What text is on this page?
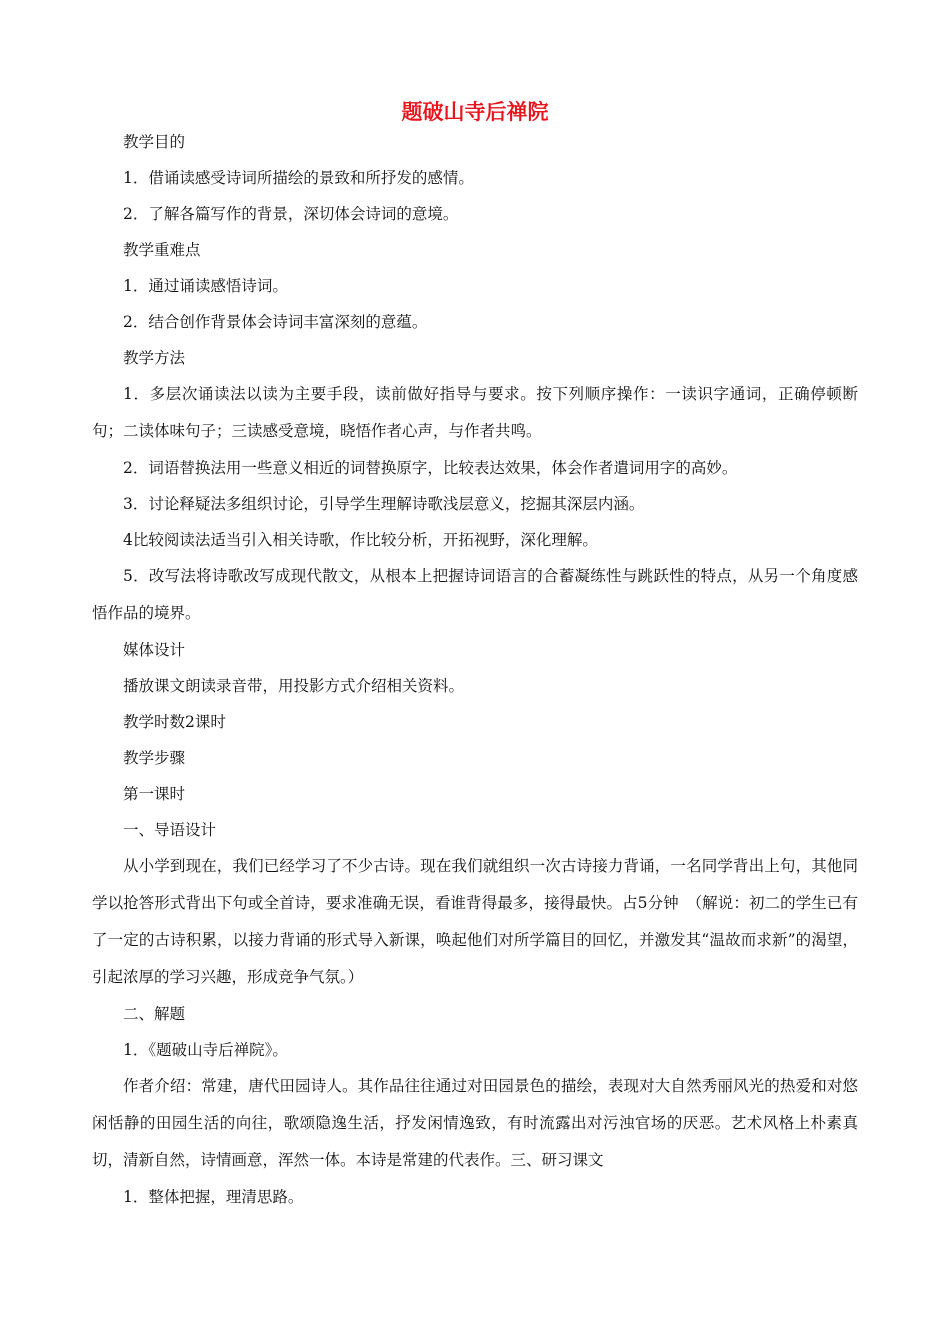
题破山寺后禅院

教学目的

1．借诵读感受诗词所描绘的景致和所抒发的感情。

2．了解各篇写作的背景，深切体会诗词的意境。

教学重难点

1．通过诵读感悟诗词。

2．结合创作背景体会诗词丰富深刻的意蕴。

教学方法

1．多层次诵读法以读为主要手段，读前做好指导与要求。按下列顺序操作：一读识字通词，正确停顿断句；二读体味句子；三读感受意境，晓悟作者心声，与作者共鸣。

2．词语替换法用一些意义相近的词替换原字，比较表达效果，体会作者遣词用字的高妙。

3．讨论释疑法多组织讨论，引导学生理解诗歌浅层意义，挖掘其深层内涵。

4比较阅读法适当引入相关诗歌，作比较分析，开拓视野，深化理解。

5．改写法将诗歌改写成现代散文，从根本上把握诗词语言的合蓄凝练性与跳跃性的特点，从另一个角度感悟作品的境界。

媒体设计

播放课文朗读录音带，用投影方式介绍相关资料。

教学时数2课时

教学步骤

第一课时

一、导语设计

从小学到现在，我们已经学习了不少古诗。现在我们就组织一次古诗接力背诵，一名同学背出上句，其他同学以抢答形式背出下句或全首诗，要求准确无误，看谁背得最多，接得最快。占5分钟　（解说：初二的学生已有了一定的古诗积累，以接力背诵的形式导入新课，唤起他们对所学篇目的回忆，并激发其“温故而求新”的渴望，引起浓厚的学习兴趣，形成竞争气氛。）

二、解题

1．《题破山寺后禅院》。

作者介绍：常建，唐代田园诗人。其作品往往通过对田园景色的描绘，表现对大自然秀丽风光的热爱和对悠闲恬静的田园生活的向往，歌颂隐逸生活，抒发闲情逸致，有时流露出对污浊官场的厌恶。艺术风格上朴素真切，清新自然，诗情画意，浑然一体。本诗是常建的代表作。三、研习课文

1．整体把握，理清思路。
